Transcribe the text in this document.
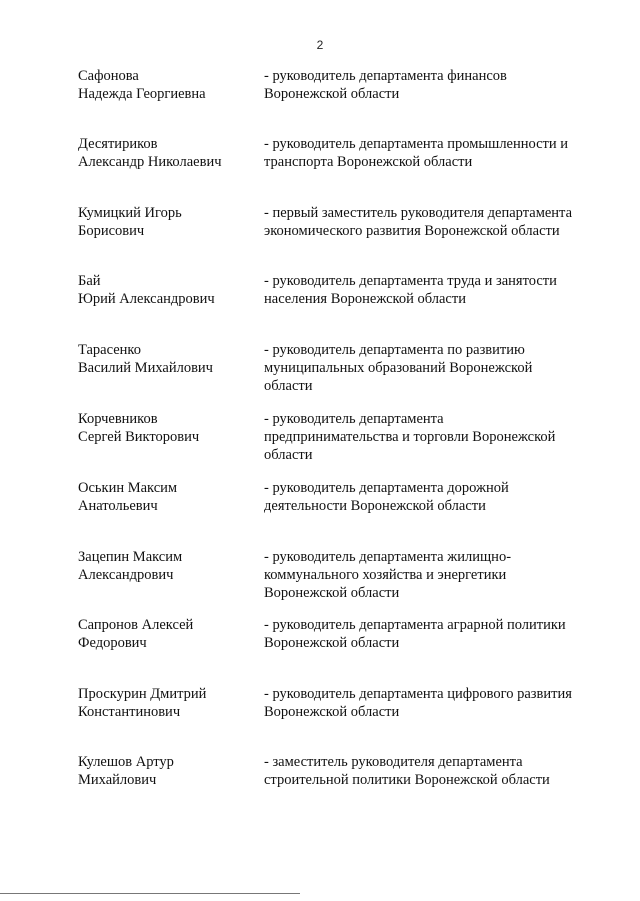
2
Сафонова
Надежда Георгиевна
- руководитель департамента финансов
Воронежской области
Десятириков
Александр Николаевич
- руководитель департамента промышленности и
транспорта Воронежской области
Кумицкий Игорь
Борисович
- первый заместитель руководителя департамента
экономического развития Воронежской области
Бай
Юрий Александрович
- руководитель департамента труда и занятости
населения Воронежской области
Тарасенко
Василий Михайлович
- руководитель департамента по развитию
муниципальных образований Воронежской
области
Корчевников
Сергей Викторович
- руководитель департамента
предпринимательства и торговли Воронежской
области
Оськин Максим
Анатольевич
- руководитель департамента дорожной
деятельности Воронежской области
Зацепин Максим
Александрович
- руководитель департамента жилищно-
коммунального хозяйства и энергетики
Воронежской области
Сапронов Алексей
Федорович
- руководитель департамента аграрной политики
Воронежской области
Проскурин Дмитрий
Константинович
- руководитель департамента цифрового развития
Воронежской области
Кулешов Артур
Михайлович
- заместитель руководителя департамента
строительной политики Воронежской области
